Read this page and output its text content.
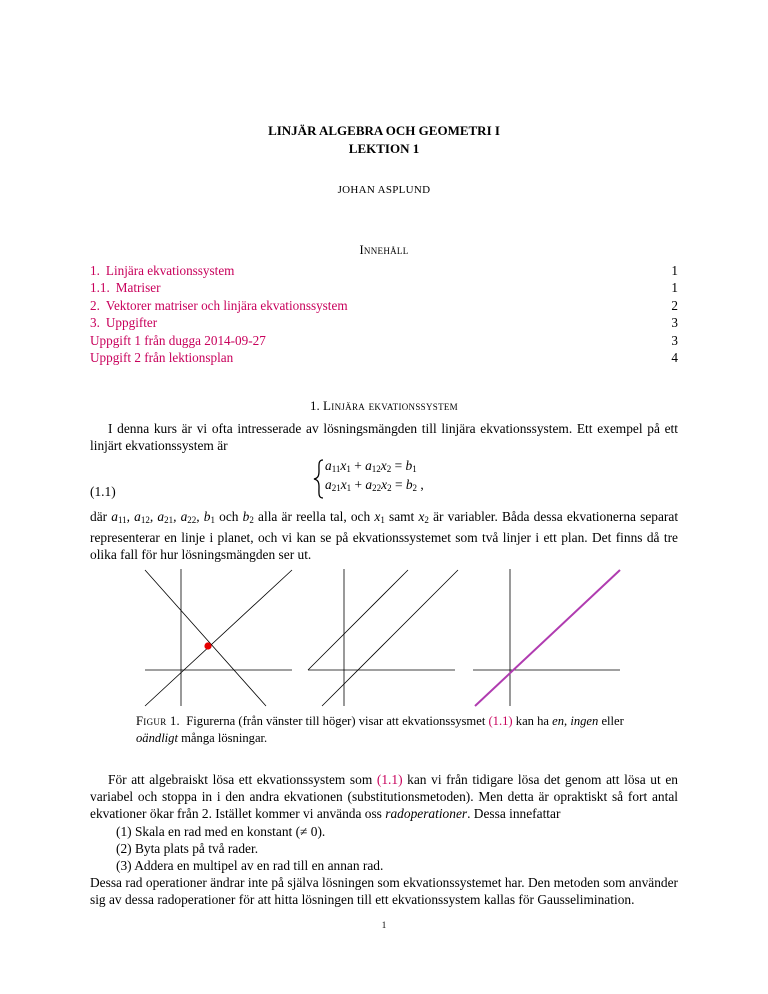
LINJÄR ALGEBRA OCH GEOMETRI I
LEKTION 1
JOHAN ASPLUND
Innehåll
1. Linjära ekvationssystem	1
1.1. Matriser	1
2. Vektorer matriser och linjära ekvationssystem	2
3. Uppgifter	3
Uppgift 1 från dugga 2014-09-27	3
Uppgift 2 från lektionsplan	4
1. Linjära ekvationssystem
I denna kurs är vi ofta intresserade av lösningsmängden till linjära ekvationssystem. Ett exempel på ett linjärt ekvationssystem är
(1.1)
$a_{11}x_1 + a_{12}x_2 = b_1$
$a_{21}x_1 + a_{22}x_2 = b_2$ ,
där $a_{11}$, $a_{12}$, $a_{21}$, $a_{22}$, $b_1$ och $b_2$ alla är reella tal, och $x_1$ samt $x_2$ är variabler. Båda dessa ekvationerna separat representerar en linje i planet, och vi kan se på ekvationssystemet som två linjer i ett plan. Det finns då tre olika fall för hur lösningsmängden ser ut.
Figur 1. Figurerna (från vänster till höger) visar att ekvationssysmet (1.1) kan ha en, ingen eller oändligt många lösningar.
För att algebraiskt lösa ett ekvationssystem som (1.1) kan vi från tidigare lösa det genom att lösa ut en variabel och stoppa in i den andra ekvationen (substitutionsmetoden). Men detta är opraktiskt så fort antal ekvationer ökar från 2. Istället kommer vi använda oss radoperationer. Dessa innefattar
(1) Skala en rad med en konstant (≠ 0).
(2) Byta plats på två rader.
(3) Addera en multipel av en rad till en annan rad.
Dessa rad operationer ändrar inte på själva lösningen som ekvationssystemet har. Den metoden som använder sig av dessa radoperationer för att hitta lösningen till ett ekvationssystem kallas för Gausselimination.
1
